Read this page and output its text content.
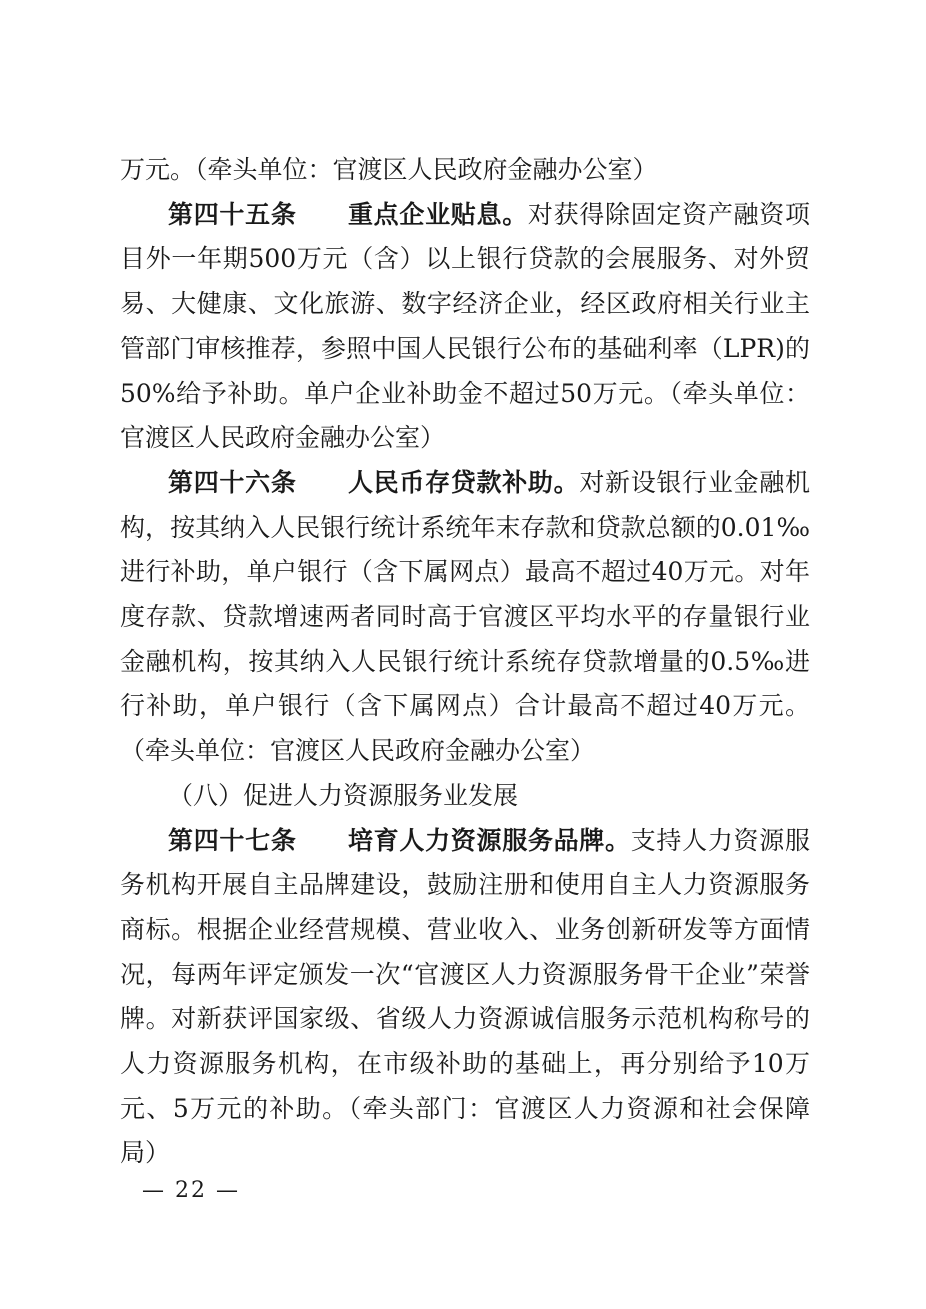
万元。（牵头单位：官渡区人民政府金融办公室）

第四十五条　　 重点企业贴息。对获得除固定资产融资项目外一年期500万元（含）以上银行贷款的会展服务、对外贸易、大健康、文化旅游、数字经济企业，经区政府相关行业主管部门审核推荐，参照中国人民银行公布的基础利率（LPR)的50%给予补助。单户企业补助金不超过50万元。（牵头单位：官渡区人民政府金融办公室）

第四十六条　　 人民币存贷款补助。对新设银行业金融机构，按其纳入人民银行统计系统年末存款和贷款总额的0.01‰进行补助，单户银行（含下属网点）最高不超过40万元。对年度存款、贷款增速两者同时高于官渡区平均水平的存量银行业金融机构，按其纳入人民银行统计系统存贷款增量的0.5‰进行补助，单户银行（含下属网点）合计最高不超过40万元。（牵头单位：官渡区人民政府金融办公室）

（八）促进人力资源服务业发展

第四十七条　　 培育人力资源服务品牌。支持人力资源服务机构开展自主品牌建设，鼓励注册和使用自主人力资源服务商标。根据企业经营规模、营业收入、业务创新研发等方面情况，每两年评定颁发一次“官渡区人力资源服务骨干企业”荣誉牌。对新获评国家级、省级人力资源诚信服务示范机构称号的人力资源服务机构，在市级补助的基础上，再分别给予10万元、5万元的补助。（牵头部门：官渡区人力资源和社会保障局）

— 22 —
